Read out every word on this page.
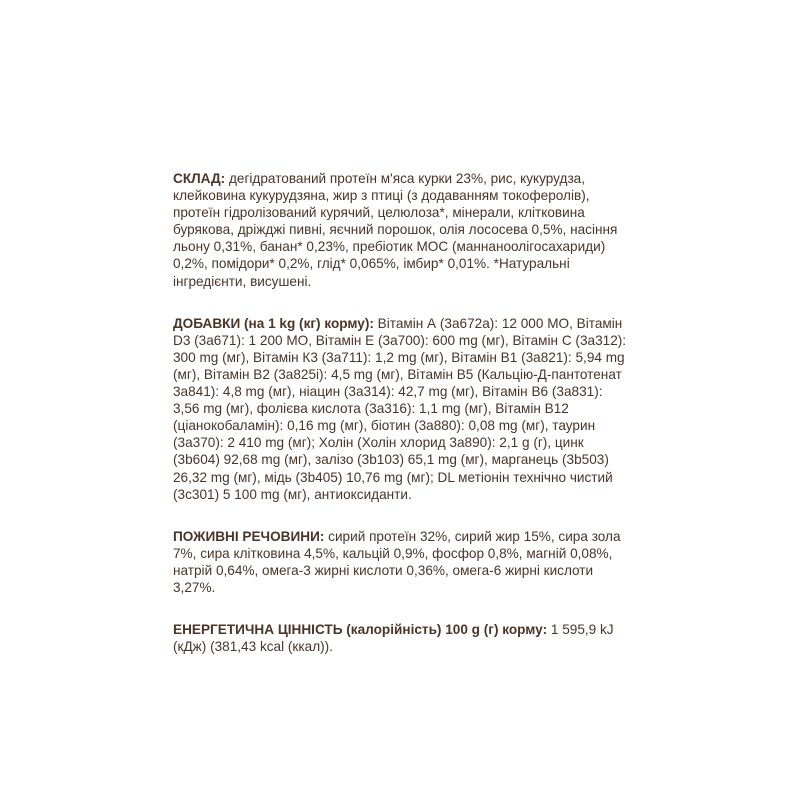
СКЛАД: дегідратований протеїн м'яса курки 23%, рис, кукурудза, клейковина кукурудзяна, жир з птиці (з додаванням токоферолів), протеїн гідролізований курячий, целюлоза*, мінерали, клітковина бурякова, дріжджі пивні, яєчний порошок, олія лососева 0,5%, насіння льону 0,31%, банан* 0,23%, пребіотик МОС (маннаноолігосахариди) 0,2%, помідори* 0,2%, глід* 0,065%, імбир* 0,01%. *Натуральні інгредієнти, висушені.

ДОБАВКИ (на 1 kg (кг) корму): Вітамін А (3a672a): 12 000 МО, Вітамін D3 (3a671): 1 200 МО, Вітамін Е (3a700): 600 mg (мг), Вітамін С (3a312): 300 mg (мг), Вітамін К3 (3a711): 1,2 mg (мг), Вітамін В1 (3a821): 5,94 mg (мг), Вітамін В2 (3a825i): 4,5 mg (мг), Вітамін В5 (Кальцію-Д-пантотенат 3a841): 4,8 mg (мг), ніацин (3a314): 42,7 mg (мг), Вітамін В6 (3a831): 3,56 mg (мг), фолієва кислота (3a316): 1,1 mg (мг), Вітамін В12 (ціанокобаламін): 0,16 mg (мг), біотин (3a880): 0,08 mg (мг), таурин (3a370): 2 410 mg (мг); Холін (Холін хлорид 3a890): 2,1 g (г), цинк (3b604) 92,68 mg (мг), залізо (3b103) 65,1 mg (мг), марганець (3b503) 26,32 mg (мг), мідь (3b405) 10,76 mg (мг); DL метіонін технічно чистий (3c301) 5 100 mg (мг), антиоксиданти.

ПОЖИВНІ РЕЧОВИНИ: сирий протеїн 32%, сирий жир 15%, сира зола 7%, сира клітковина 4,5%, кальцій 0,9%, фосфор 0,8%, магній 0,08%, натрій 0,64%, омега-3 жирні кислоти 0,36%, омега-6 жирні кислоти 3,27%.

ЕНЕРГЕТИЧНА ЦІННІСТЬ (калорійність) 100 g (г) корму: 1 595,9 kJ (кДж) (381,43 kcal (ккал)).
